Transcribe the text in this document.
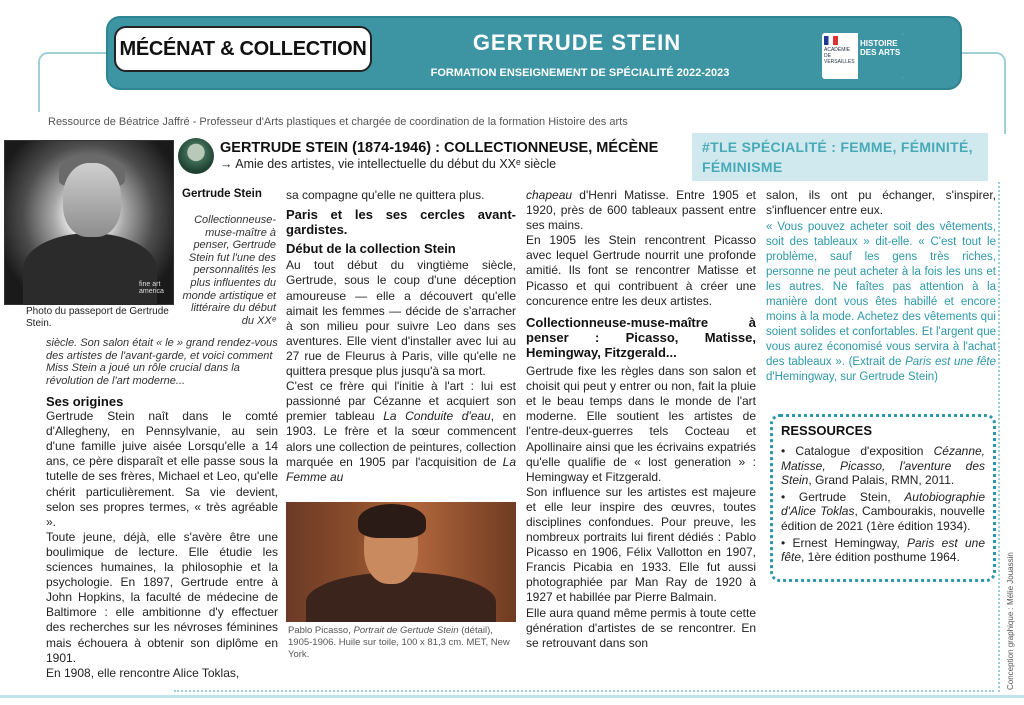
MÉCÉNAT & COLLECTION	GERTRUDE STEIN
FORMATION ENSEIGNEMENT DE SPÉCIALITÉ 2022-2023
ACADÉMIE DE VERSAILLES
HISTOIRE DES ARTS
Ressource de Béatrice Jaffré - Professeur d'Arts plastiques et chargée de coordination de la formation Histoire des arts
GERTRUDE STEIN (1874-1946) : COLLECTIONNEUSE, MÉCÈNE
→ Amie des artistes, vie intellectuelle du début du XXᵉ siècle
#TLE SPÉCIALITÉ : FEMME, FÉMINITÉ, FÉMINISME
fine art america
Photo du passeport de Gertrude Stein.
Gertrude Stein
Collectionneuse-muse-maître à penser, Gertrude Stein fut l'une des personnalités les plus influentes du monde artistique et littéraire du début du XXᵉ
siècle. Son salon était « le » grand rendez-vous des artistes de l'avant-garde, et voici comment Miss Stein a joué un rôle crucial dans la révolution de l'art moderne...
Ses origines

Gertrude Stein naît dans le comté d'Allegheny, en Pennsylvanie, au sein d'une famille juive aisée Lorsqu'elle a 14 ans, ce père disparaît et elle passe sous la tutelle de ses frères, Michael et Leo, qu'elle chérit particulièrement. Sa vie devient, selon ses propres termes, « très agréable ».

Toute jeune, déjà, elle s'avère être une boulimique de lecture. Elle étudie les sciences humaines, la philosophie et la psychologie. En 1897, Gertrude entre à John Hopkins, la faculté de médecine de Baltimore : elle ambitionne d'y effectuer des recherches sur les névroses féminines mais échouera à obtenir son diplôme en 1901.

En 1908, elle rencontre Alice Toklas,

sa compagne qu'elle ne quittera plus.

Paris et les ses cercles avant-gardistes.
Début de la collection Stein

Au tout début du vingtième siècle, Gertrude, sous le coup d'une déception amoureuse — elle a découvert qu'elle aimait les femmes — décide de s'arracher à son milieu pour suivre Leo dans ses aventures. Elle vient d'installer avec lui au 27 rue de Fleurus à Paris, ville qu'elle ne quittera presque plus jusqu'à sa mort.

C'est ce frère qui l'initie à l'art : lui est passionné par Cézanne et acquiert son premier tableau La Conduite d'eau, en 1903. Le frère et la sœur commencent alors une collection de peintures, collection marquée en 1905 par l'acquisition de La Femme au

Pablo Picasso, Portrait de Gertude Stein (détail), 1905-1906. Huile sur toile, 100 x 81,3 cm. MET, New York.

chapeau d'Henri Matisse. Entre 1905 et 1920, près de 600 tableaux passent entre ses mains.

En 1905 les Stein rencontrent Picasso avec lequel Gertrude nourrit une profonde amitié. Ils font se rencontrer Matisse et Picasso et qui contribuent à créer une concurence entre les deux artistes.

Collectionneuse-muse-maître à penser : Picasso, Matisse, Hemingway, Fitzgerald...

Gertrude fixe les règles dans son salon et choisit qui peut y entrer ou non, fait la pluie et le beau temps dans le monde de l'art moderne. Elle soutient les artistes de l'entre-deux-guerres tels Cocteau et Apollinaire ainsi que les écrivains expatriés qu'elle qualifie de « lost generation » : Hemingway et Fitzgerald.

Son influence sur les artistes est majeure et elle leur inspire des œuvres, toutes disciplines confondues. Pour preuve, les nombreux portraits lui firent dédiés : Pablo Picasso en 1906, Félix Vallotton en 1907, Francis Picabia en 1933. Elle fut aussi photographiée par Man Ray de 1920 à 1927 et habillée par Pierre Balmain.

Elle aura quand même permis à toute cette génération d'artistes de se rencontrer. En se retrouvant dans son

salon, ils ont pu échanger, s'inspirer, s'influencer entre eux.

« Vous pouvez acheter soit des vêtements, soit des tableaux » dit-elle. « C'est tout le problème, sauf les gens très riches, personne ne peut acheter à la fois les uns et les autres. Ne faîtes pas attention à la manière dont vous êtes habillé et encore moins à la mode. Achetez des vêtements qui soient solides et confortables. Et l'argent que vous aurez économisé vous servira à l'achat des tableaux ». (Extrait de Paris est une fête d'Hemingway, sur Gertrude Stein)

RESSOURCES
• Catalogue d'exposition Cézanne, Matisse, Picasso, l'aventure des Stein, Grand Palais, RMN, 2011.
• Gertrude Stein, Autobiographie d'Alice Toklas, Cambourakis, nouvelle édition de 2021 (1ère édition 1934).
• Ernest Hemingway, Paris est une fête, 1ère édition posthume 1964.	Conception graphique : Mélie Jouassin
